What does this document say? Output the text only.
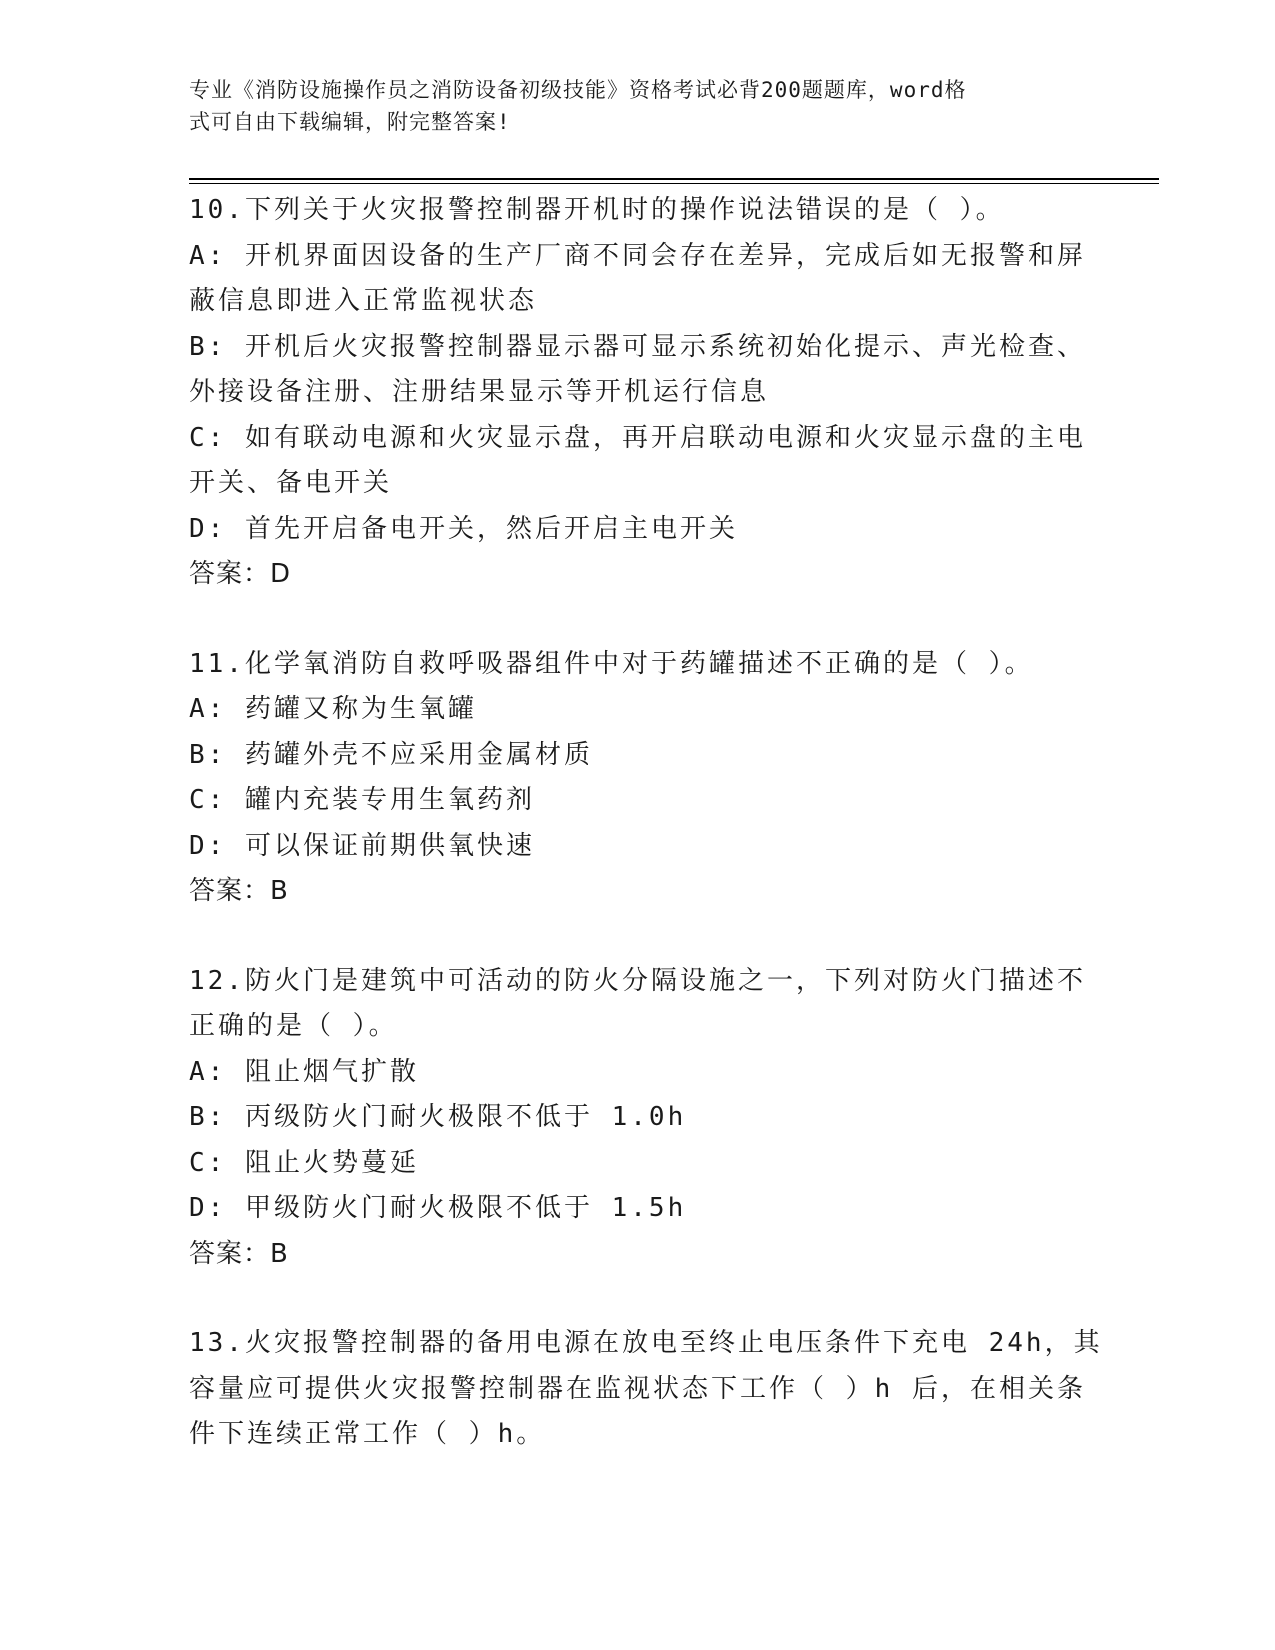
专业《消防设施操作员之消防设备初级技能》资格考试必背200题题库，word格
式可自由下载编辑，附完整答案!
10.下列关于火灾报警控制器开机时的操作说法错误的是（ ）。
A: 开机界面因设备的生产厂商不同会存在差异，完成后如无报警和屏
蔽信息即进入正常监视状态
B: 开机后火灾报警控制器显示器可显示系统初始化提示、声光检查、
外接设备注册、注册结果显示等开机运行信息
C: 如有联动电源和火灾显示盘，再开启联动电源和火灾显示盘的主电
开关、备电开关
D: 首先开启备电开关，然后开启主电开关
答案：D
11.化学氧消防自救呼吸器组件中对于药罐描述不正确的是（ ）。
A: 药罐又称为生氧罐
B: 药罐外壳不应采用金属材质
C: 罐内充装专用生氧药剂
D: 可以保证前期供氧快速
答案：B
12.防火门是建筑中可活动的防火分隔设施之一，下列对防火门描述不
正确的是（ ）。
A: 阻止烟气扩散
B: 丙级防火门耐火极限不低于 1.0h
C: 阻止火势蔓延
D: 甲级防火门耐火极限不低于 1.5h
答案：B
13.火灾报警控制器的备用电源在放电至终止电压条件下充电 24h，其
容量应可提供火灾报警控制器在监视状态下工作（ ）h 后，在相关条
件下连续正常工作（ ）h。
